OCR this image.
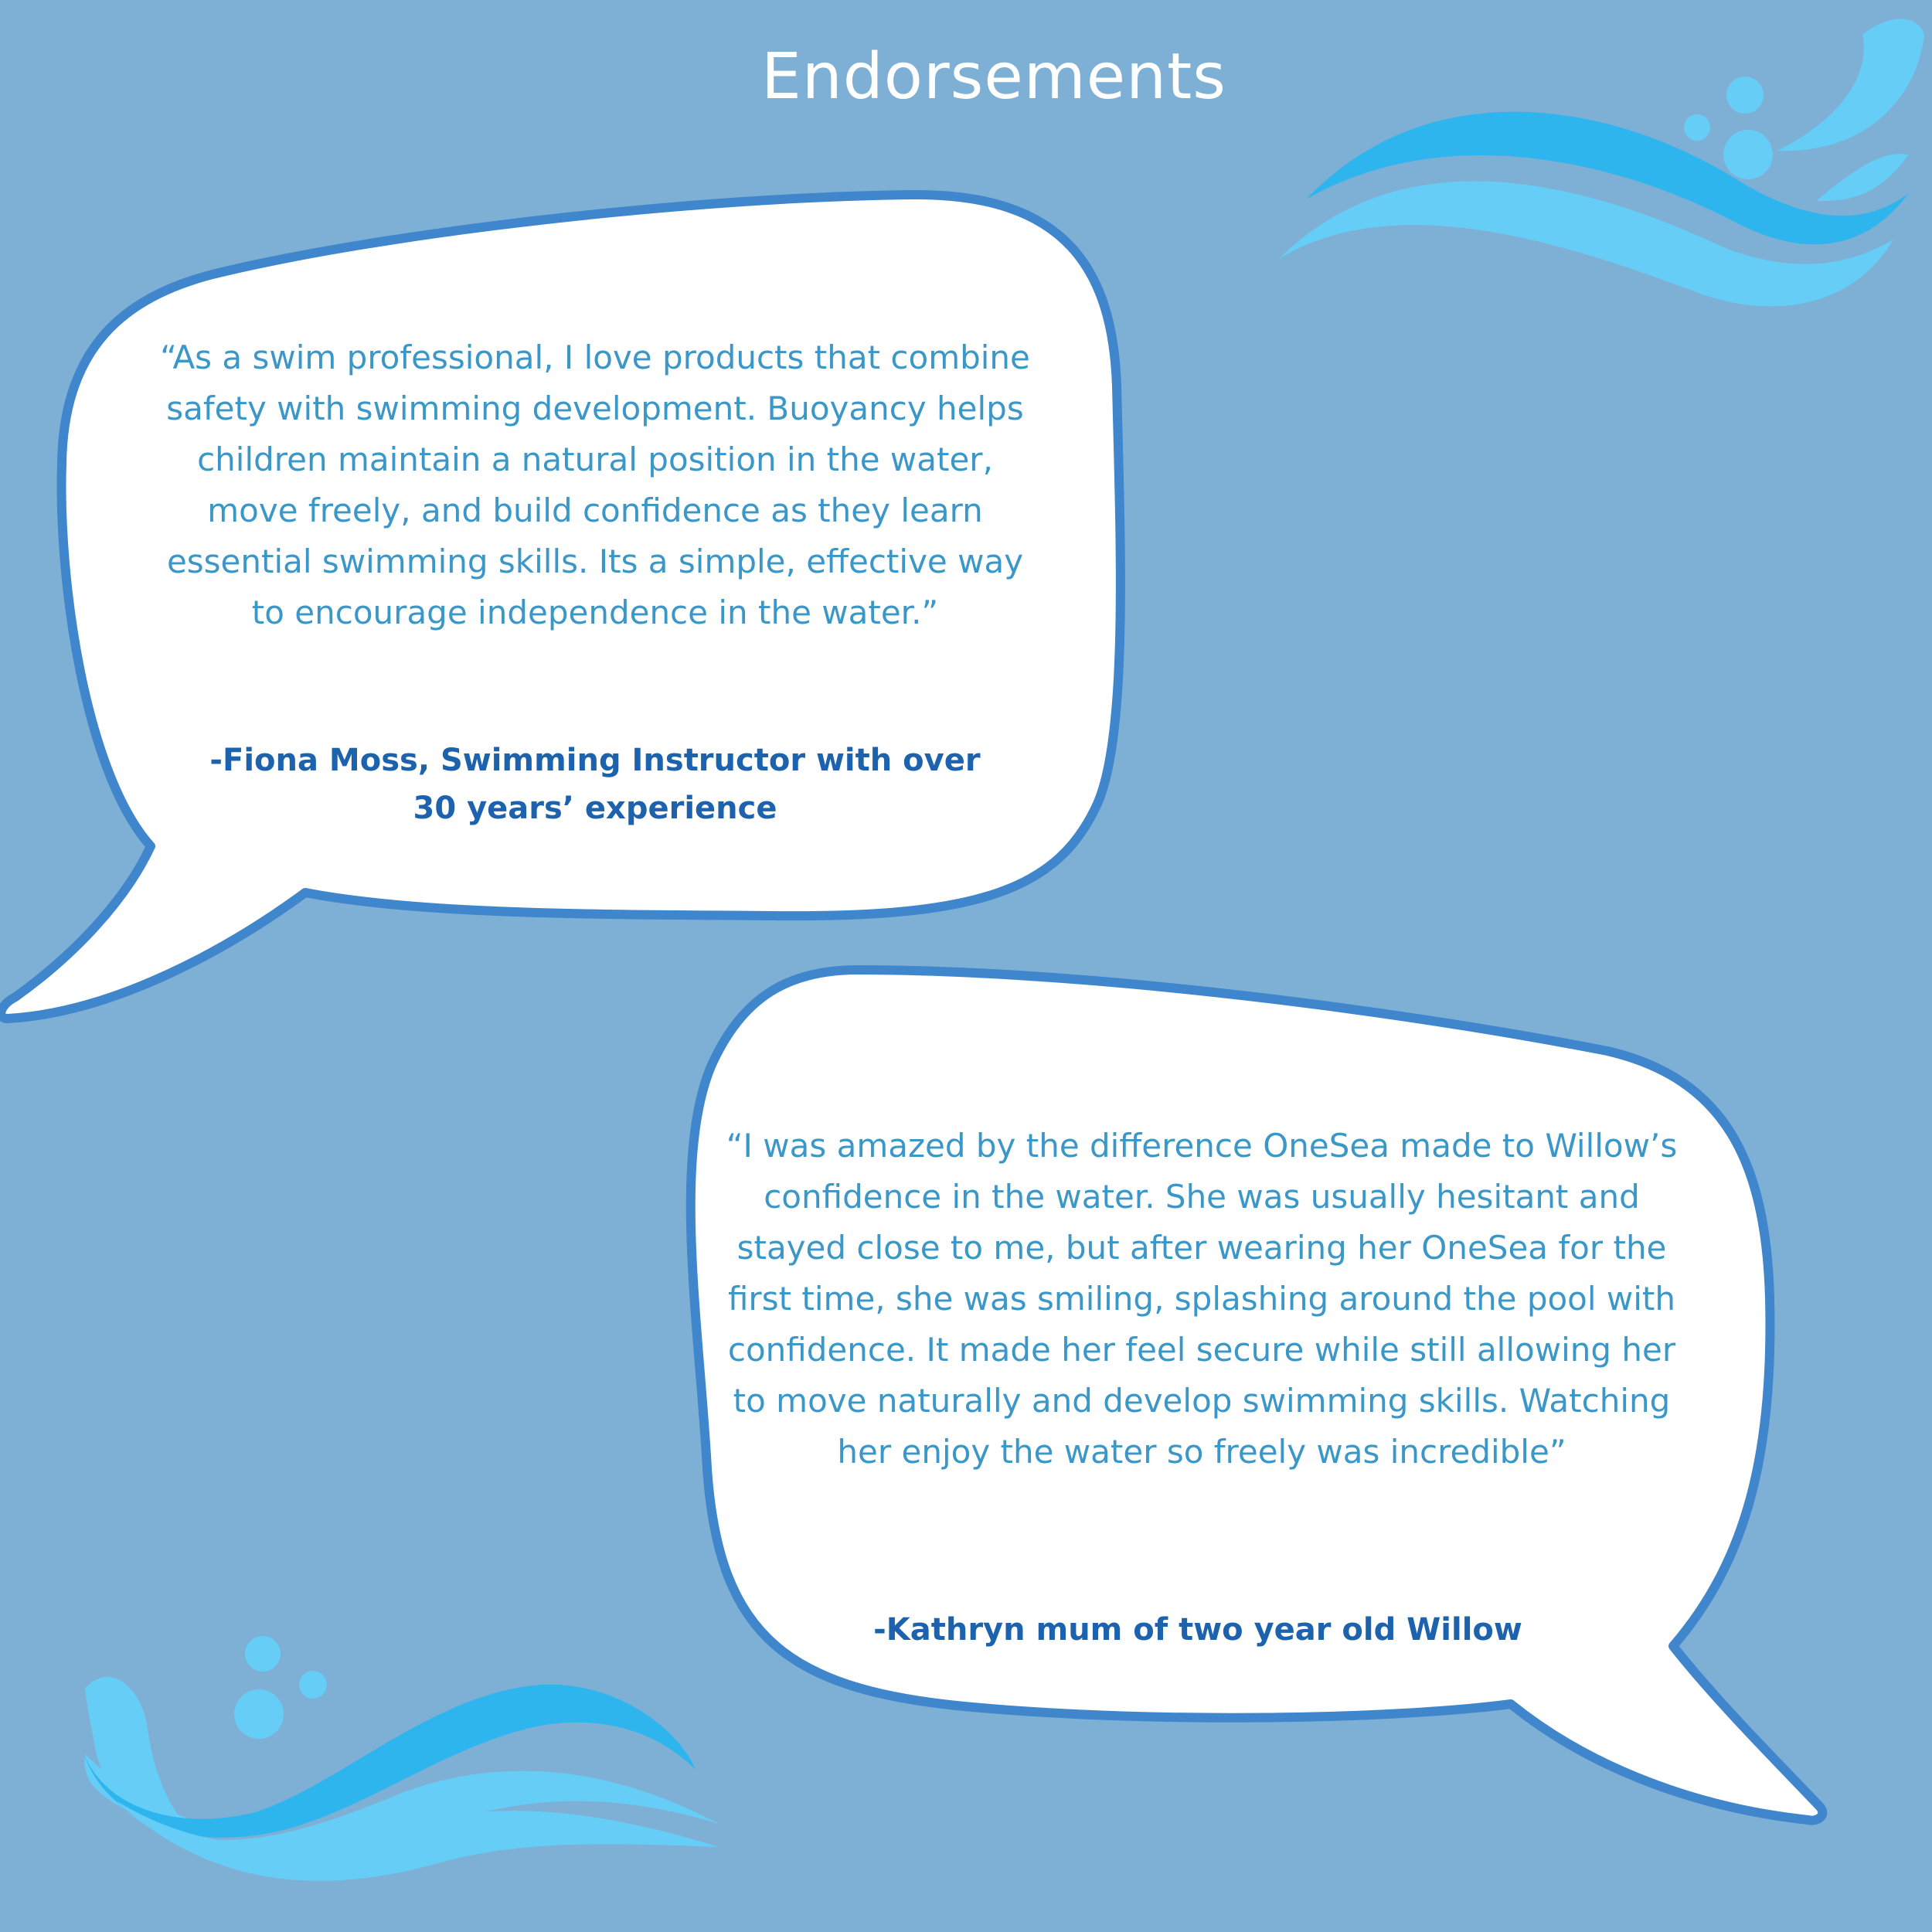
Endorsements

“As a swim professional, I love products that combine safety with swimming development. Buoyancy helps children maintain a natural position in the water, move freely, and build confidence as they learn essential swimming skills. Its a simple, effective way to encourage independence in the water.”

-Fiona Moss, Swimming Instructor with over 30 years’ experience

“I was amazed by the difference OneSea made to Willow’s confidence in the water. She was usually hesitant and stayed close to me, but after wearing her OneSea for the first time, she was smiling, splashing around the pool with confidence. It made her feel secure while still allowing her to move naturally and develop swimming skills. Watching her enjoy the water so freely was incredible”

-Kathryn mum of two year old Willow
